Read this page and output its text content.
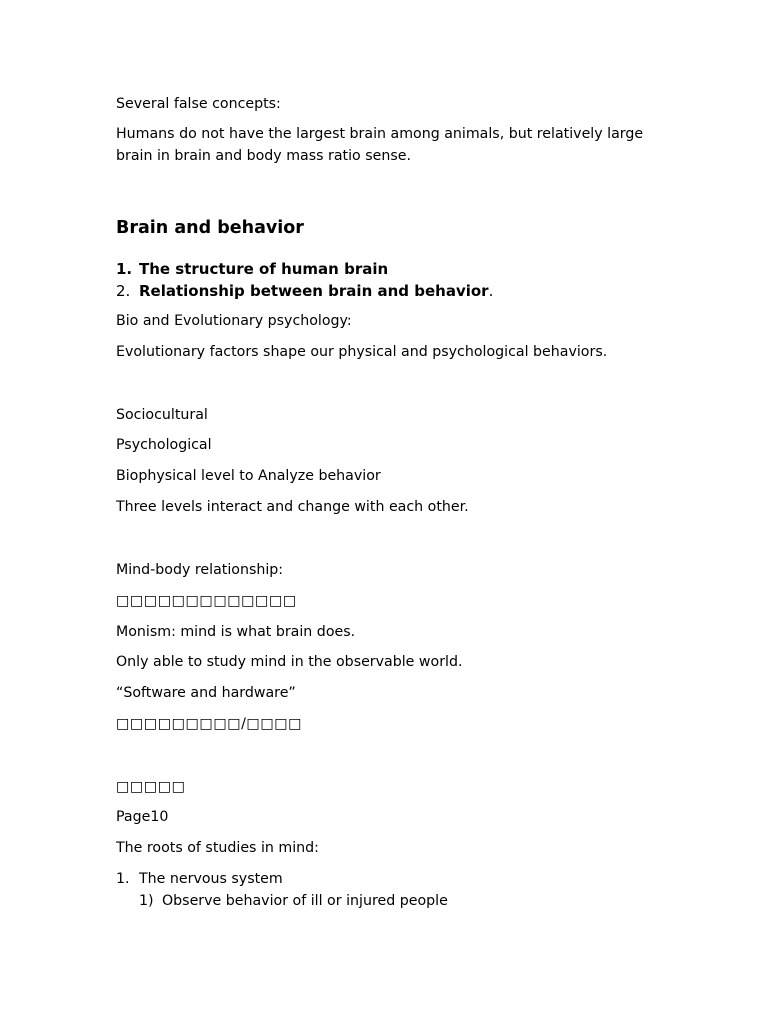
Several false concepts:
Humans do not have the largest brain among animals, but relatively large brain in brain and body mass ratio sense.
Brain and behavior
1. The structure of human brain
2. Relationship between brain and behavior.
Bio and Evolutionary psychology:
Evolutionary factors shape our physical and psychological behaviors.
Sociocultural
Psychological
Biophysical level to Analyze behavior
Three levels interact and change with each other.
Mind-body relationship:
□□□□□□□□□□□□□
Monism: mind is what brain does.
Only able to study mind in the observable world.
“Software and hardware”
□□□□□□□□□/□□□□
□□□□□
Page10
The roots of studies in mind:
1. The nervous system
1) Observe behavior of ill or injured people
